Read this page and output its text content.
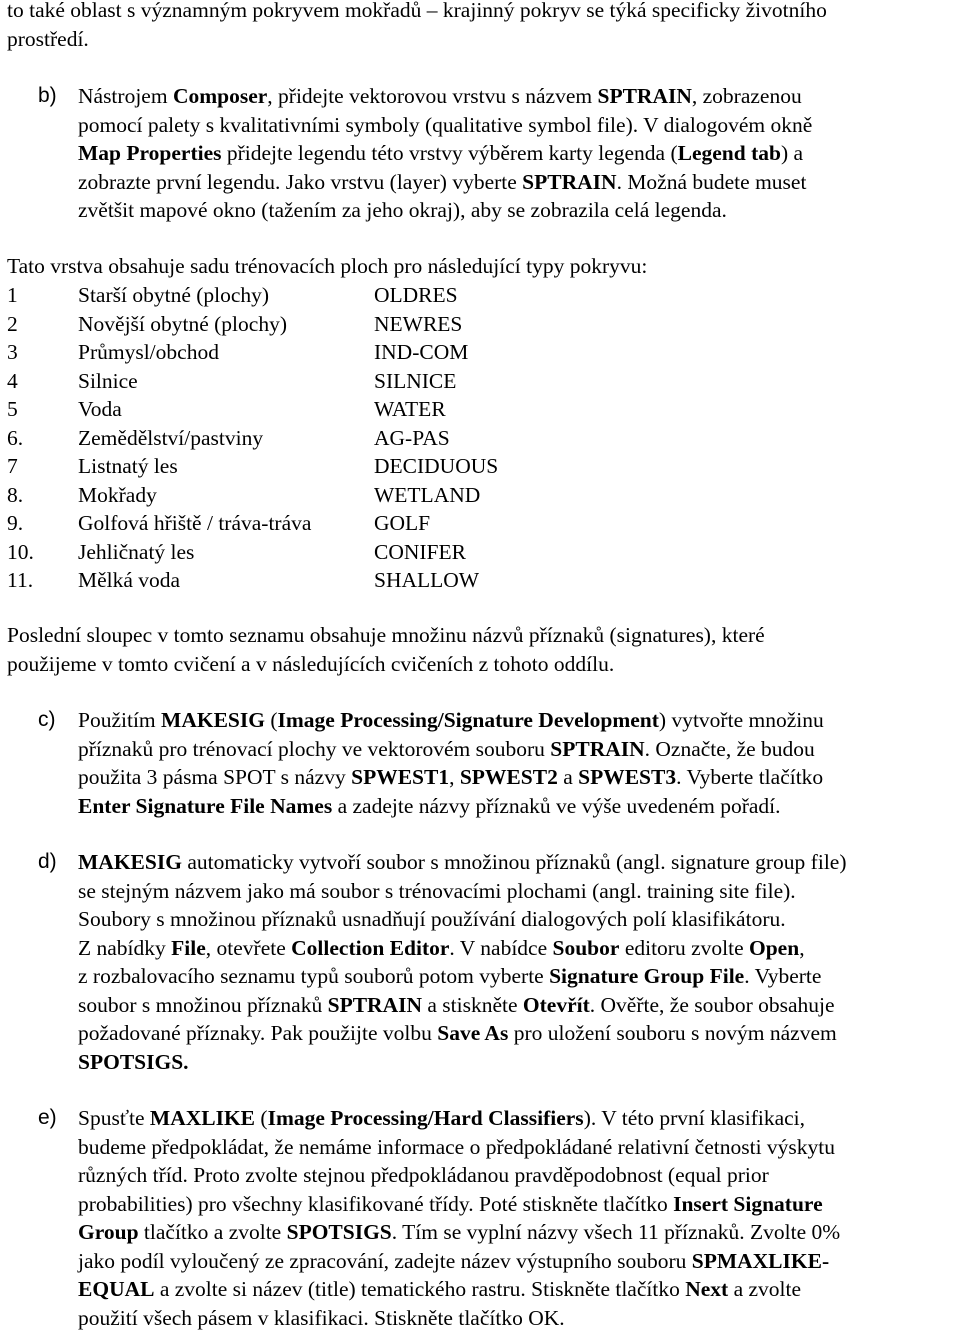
to také oblast s významným pokryvem mokřadů – krajinný pokryv se týká specificky životního
prostředí.

b) Nástrojem Composer, přidejte vektorovou vrstvu s názvem SPTRAIN, zobrazenou
pomocí palety s kvalitativními symboly (qualitative symbol file). V dialogovém okně
Map Properties přidejte legendu této vrstvy výběrem karty legenda (Legend tab) a
zobrazte první legendu. Jako vrstvu (layer) vyberte SPTRAIN. Možná budete muset
zvětšit mapové okno (tažením za jeho okraj), aby se zobrazila celá legenda.

Tato vrstva obsahuje sadu trénovacích ploch pro následující typy pokryvu:

1	Starší obytné (plochy)	OLDRES
2	Novější obytné (plochy)	NEWRES
3	Průmysl/obchod	IND-COM
4	Silnice	SILNICE
5	Voda	WATER
6.	Zemědělství/pastviny	AG-PAS
7	Listnatý les	DECIDUOUS
8.	Mokřady	WETLAND
9.	Golfová hřiště / tráva-tráva	GOLF
10. Jehličnatý les	CONIFER
11. Mělká voda	SHALLOW

Poslední sloupec v tomto seznamu obsahuje množinu názvů příznaků (signatures), které
použijeme v tomto cvičení a v následujících cvičeních z tohoto oddílu.

c) Použitím MAKESIG (Image Processing/Signature Development) vytvořte množinu
příznaků pro trénovací plochy ve vektorovém souboru SPTRAIN. Označte, že budou
použita 3 pásma SPOT s názvy SPWEST1, SPWEST2 a SPWEST3. Vyberte tlačítko
Enter Signature File Names a zadejte názvy příznaků ve výše uvedeném pořadí.

d) MAKESIG automaticky vytvoří soubor s množinou příznaků (angl. signature group file)
se stejným názvem jako má soubor s trénovacími plochami (angl. training site file).
Soubory s množinou příznaků usnadňují používání dialogových polí klasifikátoru.
Z nabídky File, otevřete Collection Editor. V nabídce Soubor editoru zvolte Open,
z rozbalovacího seznamu typů souborů potom vyberte Signature Group File. Vyberte
soubor s množinou příznaků SPTRAIN a stiskněte Otevřít. Ověřte, že soubor obsahuje
požadované příznaky. Pak použijte volbu Save As pro uložení souboru s novým názvem
SPOTSIGS.

e) Spusťte MAXLIKE (Image Processing/Hard Classifiers). V této první klasifikaci,
budeme předpokládat, že nemáme informace o předpokládané relativní četnosti výskytu
různých tříd. Proto zvolte stejnou předpokládanou pravděpodobnost (equal prior
probabilities) pro všechny klasifikované třídy. Poté stiskněte tlačítko Insert Signature
Group tlačítko a zvolte SPOTSIGS. Tím se vyplní názvy všech 11 příznaků. Zvolte 0%
jako podíl vyloučený ze zpracování, zadejte název výstupního souboru SPMAXLIKE-
EQUAL a zvolte si název (title) tematického rastru. Stiskněte tlačítko Next a zvolte
použití všech pásem v klasifikaci. Stiskněte tlačítko OK.
